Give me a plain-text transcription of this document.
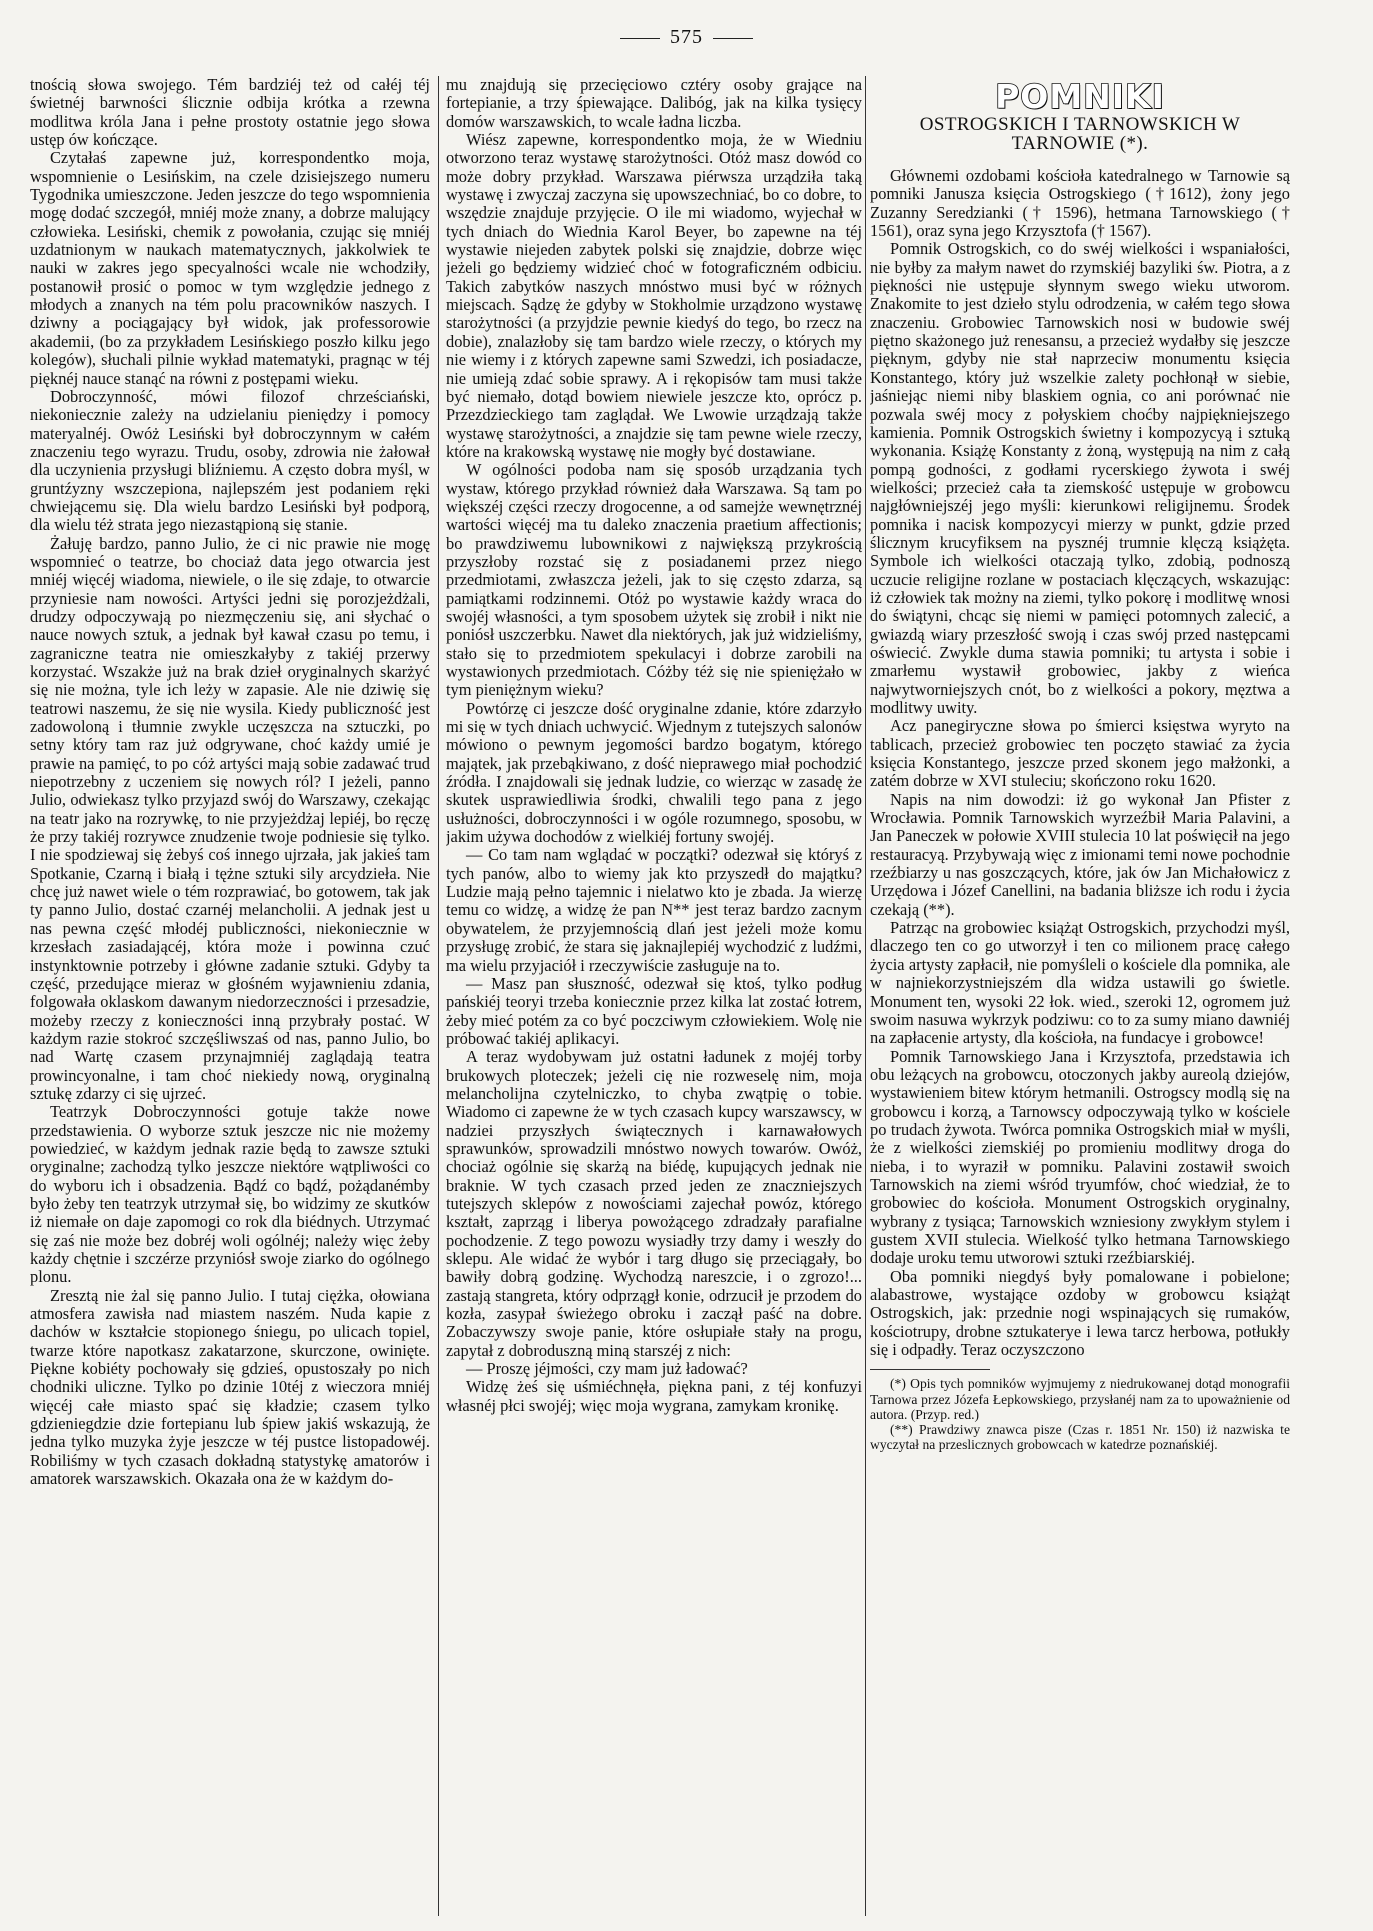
575

tnością słowa swojego. Tém bardziéj też od całéj téj świetnéj barwności ślicznie odbija krótka a rzewna modlitwa króla Jana i pełne prostoty ostatnie jego słowa ustęp ów kończące.

Czytałaś zapewne już, korrespondentko moja, wspomnienie o Lesińskim, na czele dzisiejszego numeru Tygodnika umieszczone. Jeden jeszcze do tego wspomnienia mogę dodać szczegół, mniéj może znany, a dobrze malujący człowieka. Lesiński, chemik z powołania, czując się mniéj uzdatnionym w naukach matematycznych, jakkolwiek te nauki w zakres jego specyalności wcale nie wchodziły, postanowił prosić o pomoc w tym względzie jednego z młodych a znanych na tém polu pracowników naszych. I dziwny a pociągający był widok, jak professorowie akademii, (bo za przykładem Lesińskiego poszło kilku jego kolegów), słuchali pilnie wykład matematyki, pragnąc w téj pięknéj nauce stanąć na równi z postępami wieku.

Dobroczynność, mówi filozof chrześciański, niekoniecznie zależy na udzielaniu pieniędzy i pomocy materyalnéj. Owóż Lesiński był dobroczynnym w całém znaczeniu tego wyrazu. Trudu, osoby, zdrowia nie żałował dla uczynienia przysługi bliźniemu. A często dobra myśl, w gruntźyzny wszczepiona, najlepszém jest podaniem ręki chwiejącemu się. Dla wielu bardzo Lesiński był podporą, dla wielu téż strata jego niezastąpioną się stanie.

Żałuję bardzo, panno Julio, że ci nic prawie nie mogę wspomnieć o teatrze, bo chociaż data jego otwarcia jest mniéj więcéj wiadoma, niewiele, o ile się zdaje, to otwarcie przyniesie nam nowości. Artyści jedni się porozjeżdżali, drudzy odpoczywają po niezmęczeniu się, ani słychać o nauce nowych sztuk, a jednak był kawał czasu po temu, i zagraniczne teatra nie omieszkałyby z takiéj przerwy korzystać. Wszakże już na brak dzieł oryginalnych skarżyć się nie można, tyle ich leży w zapasie. Ale nie dziwię się teatrowi naszemu, że się nie wysila. Kiedy publiczność jest zadowoloną i tłumnie zwykle uczęszcza na sztuczki, po setny który tam raz już odgrywane, choć każdy umié je prawie na pamięć, to po cóż artyści mają sobie zadawać trud niepotrzebny z uczeniem się nowych ról? I jeżeli, panno Julio, odwiekasz tylko przyjazd swój do Warszawy, czekając na teatr jako na rozrywkę, to nie przyjeżdżaj lepiéj, bo ręczę że przy takiéj rozrywce znudzenie twoje podniesie się tylko. I nie spodziewaj się żebyś coś innego ujrzała, jak jakieś tam Spotkanie, Czarną i białą i tężne sztuki sily arcydzieła. Nie chcę już nawet wiele o tém rozprawiać, bo gotowem, tak jak ty panno Julio, dostać czarnéj melancholii. A jednak jest u nas pewna część młodéj publiczności, niekoniecznie w krzesłach zasiadającéj, która może i powinna czuć instynktownie potrzeby i główne zadanie sztuki. Gdyby ta część, przedujące mieraz w głośném wyjawnieniu zdania, folgowała oklaskom dawanym niedorzeczności i przesadzie, możeby rzeczy z konieczności inną przybrały postać. W każdym razie stokroć szczęśliwszaś od nas, panno Julio, bo nad Wartę czasem przynajmniéj zaglądają teatra prowincyonalne, i tam choć niekiedy nową, oryginalną sztukę zdarzy ci się ujrzeć.

Teatrzyk Dobroczynności gotuje także nowe przedstawienia. O wyborze sztuk jeszcze nic nie możemy powiedzieć, w każdym jednak razie będą to zawsze sztuki oryginalne; zachodzą tylko jeszcze niektóre wątpliwości co do wyboru ich i obsadzenia. Bądź co bądź, pożądanémby było żeby ten teatrzyk utrzymał się, bo widzimy ze skutków iż niemałe on daje zapomogi co rok dla biédnych. Utrzymać się zaś nie może bez dobréj woli ogólnéj; należy więc żeby każdy chętnie i szczérze przyniósł swoje ziarko do ogólnego plonu.

Zresztą nie żal się panno Julio. I tutaj ciężka, ołowiana atmosfera zawisła nad miastem naszém. Nuda kapie z dachów w kształcie stopionego śniegu, po ulicach topiel, twarze które napotkasz zakatarzone, skurczone, owinięte. Piękne kobiéty pochowały się gdzieś, opustoszały po nich chodniki uliczne. Tylko po dzinie 10téj z wieczora mniéj więcéj całe miasto spać się kładzie; czasem tylko gdzieniegdzie dzie fortepianu lub śpiew jakiś wskazują, że jedna tylko muzyka żyje jeszcze w téj pustce listopadowéj. Robiliśmy w tych czasach dokładną statystykę amatorów i amatorek warszawskich. Okazała ona że w każdym do-

mu znajdują się przecięciowo cztéry osoby grające na fortepianie, a trzy śpiewające. Dalibóg, jak na kilka tysięcy domów warszawskich, to wcale ładna liczba.

Wiész zapewne, korrespondentko moja, że w Wiedniu otworzono teraz wystawę starożytności. Otóż masz dowód co może dobry przykład. Warszawa piérwsza urządziła taką wystawę i zwyczaj zaczyna się upowszechniać, bo co dobre, to wszędzie znajduje przyjęcie. O ile mi wiadomo, wyjechał w tych dniach do Wiednia Karol Beyer, bo zapewne na téj wystawie niejeden zabytek polski się znajdzie, dobrze więc jeżeli go będziemy widzieć choć w fotograficzném odbiciu. Takich zabytków naszych mnóstwo musi być w różnych miejscach. Sądzę że gdyby w Stokholmie urządzono wystawę starożytności (a przyjdzie pewnie kiedyś do tego, bo rzecz na dobie), znalazłoby się tam bardzo wiele rzeczy, o których my nie wiemy i z których zapewne sami Szwedzi, ich posiadacze, nie umieją zdać sobie sprawy. A i rękopisów tam musi także być niemało, dotąd bowiem niewiele jeszcze kto, oprócz p. Przezdzieckiego tam zaglądał. We Lwowie urządzają także wystawę starożytności, a znajdzie się tam pewne wiele rzeczy, które na krakowską wystawę nie mogły być dostawiane.

W ogólności podoba nam się sposób urządzania tych wystaw, którego przykład również dała Warszawa. Są tam po większéj części rzeczy drogocenne, a od samejże wewnętrznéj wartości więcéj ma tu daleko znaczenia praetium affectionis; bo prawdziwemu lubownikowi z największą przykrością przyszłoby rozstać się z posiadanemi przez niego przedmiotami, zwłaszcza jeżeli, jak to się często zdarza, są pamiątkami rodzinnemi. Otóż po wystawie każdy wraca do swojéj własności, a tym sposobem użytek się zrobił i nikt nie poniósł uszczerbku. Nawet dla niektórych, jak już widzieliśmy, stało się to przedmiotem spekulacyi i dobrze zarobili na wystawionych przedmiotach. Cóżby téż się nie spieniężało w tym pieniężnym wieku?

Powtórzę ci jeszcze dość oryginalne zdanie, które zdarzyło mi się w tych dniach uchwycić. Wjednym z tutejszych salonów mówiono o pewnym jegomości bardzo bogatym, którego majątek, jak przebąkiwano, z dość nieprawego miał pochodzić źródła. I znajdowali się jednak ludzie, co wierząc w zasadę że skutek usprawiedliwia środki, chwalili tego pana z jego usłużności, dobroczynności i w ogóle rozumnego, sposobu, w jakim używa dochodów z wielkiéj fortuny swojéj.

— Co tam nam wglądać w początki? odezwał się któryś z tych panów, albo to wiemy jak kto przyszedł do majątku? Ludzie mają pełno tajemnic i nielatwo kto je zbada. Ja wierzę temu co widzę, a widzę że pan N** jest teraz bardzo zacnym obywatelem, że przyjemnością dlań jest jeżeli może komu przysługę zrobić, że stara się jaknajlepiéj wychodzić z ludźmi, ma wielu przyjaciół i rzeczywiście zasługuje na to.

— Masz pan słuszność, odezwał się ktoś, tylko podług pańskiéj teoryi trzeba koniecznie przez kilka lat zostać łotrem, żeby mieć potém za co być poczciwym człowiekiem. Wolę nie próbować takiéj aplikacyi.

A teraz wydobywam już ostatni ładunek z mojéj torby brukowych ploteczek; jeżeli cię nie rozweselę nim, moja melancholijna czytelniczko, to chyba zwątpię o tobie. Wiadomo ci zapewne że w tych czasach kupcy warszawscy, w nadziei przyszłych świątecznych i karnawałowych sprawunków, sprowadzili mnóstwo nowych towarów. Owóż, chociaż ogólnie się skarżą na biédę, kupujących jednak nie braknie. W tych czasach przed jeden ze znaczniejszych tutejszych sklepów z nowościami zajechał powóz, którego kształt, zaprząg i liberya powożącego zdradzały parafialne pochodzenie. Z tego powozu wysiadły trzy damy i weszły do sklepu. Ale widać że wybór i targ długo się przeciągały, bo bawiły dobrą godzinę. Wychodzą nareszcie, i o zgrozo!... zastają stangreta, który odprzągł konie, odrzucił je przodem do kozła, zasypał świeżego obroku i zaczął paść na dobre. Zobaczywszy swoje panie, które osłupiałe stały na progu, zapytał z dobroduszną miną starszéj z nich:

— Proszę jéjmości, czy mam już ładować?

Widzę żeś się uśmiéchnęła, piękna pani, z téj konfuzyi własnéj płci swojéj; więc moja wygrana, zamykam kronikę.

POMNIKI
OSTROGSKICH I TARNOWSKICH W TARNOWIE (*).

Głównemi ozdobami kościoła katedralnego w Tarnowie są pomniki Janusza księcia Ostrogskiego (†1612), żony jego Zuzanny Seredzianki († 1596), hetmana Tarnowskiego († 1561), oraz syna jego Krzysztofa († 1567).

Pomnik Ostrogskich, co do swéj wielkości i wspaniałości, nie byłby za małym nawet do rzymskiéj bazyliki św. Piotra, a z piękności nie ustępuje słynnym swego wieku utworom. Znakomite to jest dzieło stylu odrodzenia, w całém tego słowa znaczeniu. Grobowiec Tarnowskich nosi w budowie swéj piętno skażonego już renesansu, a przecież wydałby się jeszcze pięknym, gdyby nie stał naprzeciw monumentu księcia Konstantego, który już wszelkie zalety pochłonął w siebie, jaśniejąc niemi niby blaskiem ognia, co ani porównać nie pozwala swéj mocy z połyskiem choćby najpiękniejszego kamienia. Pomnik Ostrogskich świetny i kompozycyą i sztuką wykonania. Książę Konstanty z żoną, występują na nim z całą pompą godności, z godłami rycerskiego żywota i swéj wielkości; przecież cała ta ziemskość ustępuje w grobowcu najgłówniejszéj jego myśli: kierunkowi religijnemu. Środek pomnika i nacisk kompozycyi mierzy w punkt, gdzie przed ślicznym krucyfiksem na pysznéj trumnie klęczą książęta. Symbole ich wielkości otaczają tylko, zdobią, podnoszą uczucie religijne rozlane w postaciach klęczących, wskazując: iż człowiek tak możny na ziemi, tylko pokorę i modlitwę wnosi do świątyni, chcąc się niemi w pamięci potomnych zalecić, a gwiazdą wiary przeszłość swoją i czas swój przed następcami oświecić. Zwykle duma stawia pomniki; tu artysta i sobie i zmarłemu wystawił grobowiec, jakby z wieńca najwytworniejszych cnót, bo z wielkości a pokory, męztwa a modlitwy uwity.

Acz panegiryczne słowa po śmierci księstwa wyryto na tablicach, przecież grobowiec ten poczęto stawiać za życia księcia Konstantego, jeszcze przed skonem jego małżonki, a zatém dobrze w XVI stuleciu; skończono roku 1620.

Napis na nim dowodzi: iż go wykonał Jan Pfister z Wrocławia. Pomnik Tarnowskich wyrzeźbił Maria Palavini, a Jan Paneczek w połowie XVIII stulecia 10 lat poświęcił na jego restauracyą. Przybywają więc z imionami temi nowe pochodnie rzeźbiarzy u nas goszczących, które, jak ów Jan Michałowicz z Urzędowa i Józef Canellini, na badania bliższe ich rodu i życia czekają (**).

Patrząc na grobowiec książąt Ostrogskich, przychodzi myśl, dlaczego ten co go utworzył i ten co milionem pracę całego życia artysty zapłacił, nie pomyśleli o kościele dla pomnika, ale w najniekorzystniejszém dla widza ustawili go świetle. Monument ten, wysoki 22 łok. wied., szeroki 12, ogromem już swoim nasuwa wykrzyk podziwu: co to za sumy miano dawniéj na zapłacenie artysty, dla kościoła, na fundacye i grobowce!

Pomnik Tarnowskiego Jana i Krzysztofa, przedstawia ich obu leżących na grobowcu, otoczonych jakby aureolą dziejów, wystawieniem bitew którym hetmanili. Ostrogscy modlą się na grobowcu i korzą, a Tarnowscy odpoczywają tylko w kościele po trudach żywota. Twórca pomnika Ostrogskich miał w myśli, że z wielkości ziemskiéj po promieniu modlitwy droga do nieba, i to wyraził w pomniku. Palavini zostawił swoich Tarnowskich na ziemi wśród tryumfów, choć wiedział, że to grobowiec do kościoła. Monument Ostrogskich oryginalny, wybrany z tysiąca; Tarnowskich wzniesiony zwykłym stylem i gustem XVII stulecia. Wielkość tylko hetmana Tarnowskiego dodaje uroku temu utworowi sztuki rzeźbiarskiéj.

Oba pomniki niegdyś były pomalowane i pobielone; alabastrowe, wystające ozdoby w grobowcu książąt Ostrogskich, jak: przednie nogi wspinających się rumaków, kościotrupy, drobne sztukaterye i lewa tarcz herbowa, potłukły się i odpadły. Teraz oczyszczono

(*) Opis tych pomników wyjmujemy z niedrukowanej dotąd monografii Tarnowa przez Józefa Łepkowskiego, przysłanéj nam za to upoważnienie od autora. (Przyp. red.)
(**) Prawdziwy znawca pisze (Czas r. 1851 Nr. 150) iż nazwiska te wyczytał na przeslicznych grobowcach w katedrze poznańskiéj.
